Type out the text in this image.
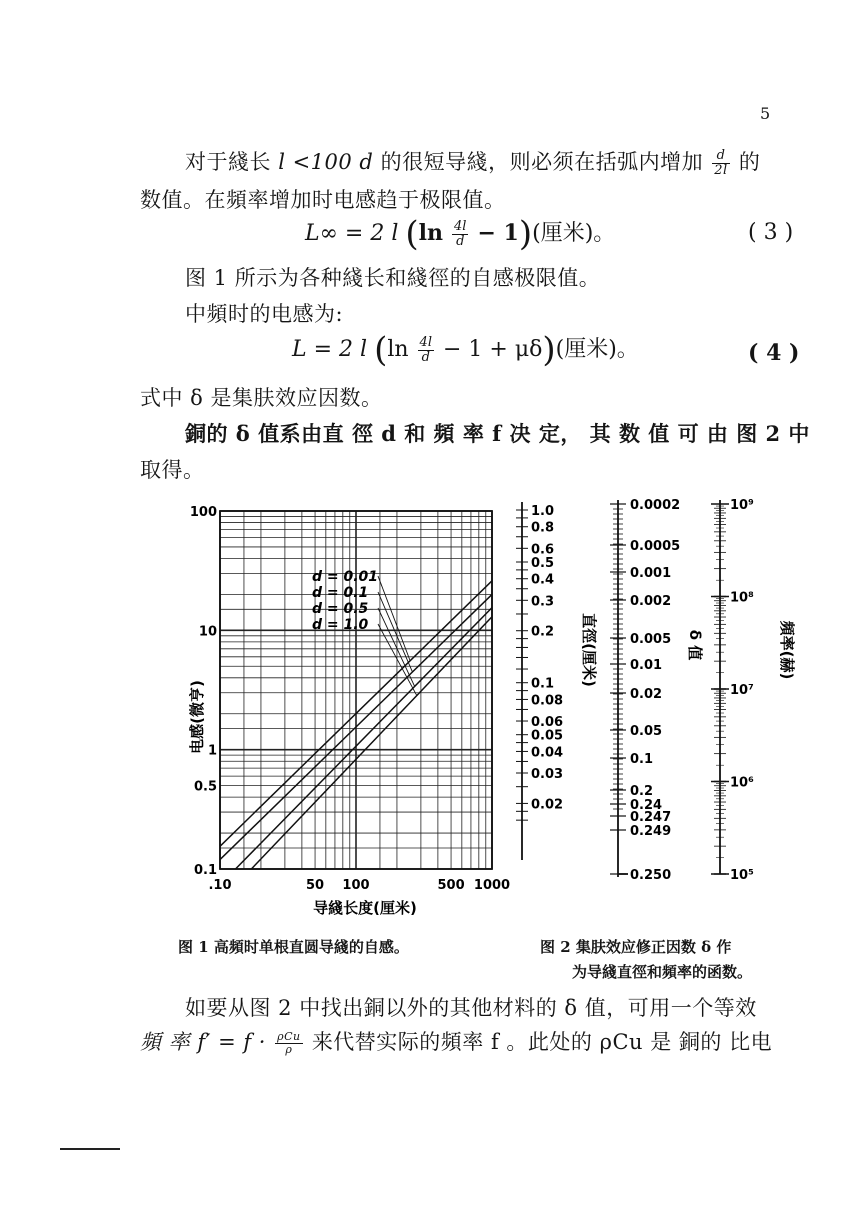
5
对于綫长 l <100 d 的很短导綫，则必须在括弧内增加 $\frac{d}{2l}$ 的
数值。在頻率增加时电感趋于极限值。
L∞ = 2 l $(\ln \frac{4l}{d} - 1)$(厘米)。	( 3 )
图 1 所示为各种綫长和綫徑的自感极限值。
中頻时的电感为:
L = 2 l $(\ln \frac{4l}{d} - 1 + \mu\delta)$(厘米)。	( 4 )
式中 δ 是集肤效应因数。
銅的 δ 值系由直 徑 d 和 頻 率 f 决 定， 其 数 值 可 由 图 2 中
取得。
.10	50 100	500 1000
100
10
1
0.5
0.1
d = 0.01
d = 0.1
d = 0.5
d = 1.0
导綫长度(厘米)
电感(微亨)
1.0
0.8
0.6
0.5
0.4
0.3
0.2
0.1
0.08
0.06
0.05
0.04
0.03
0.02
0.0002
0.0005
0.001
0.002
0.005
0.01
0.02
0.05
0.1
0.2
0.24
0.247
0.249
0.250
10⁹
10⁸
10⁷
10⁶
10⁵
直徑(厘米)	δ 值	頻率(赫)
图 1 高頻时单根直圆导綫的自感。	图 2 集肤效应修正因数 δ 作
为导綫直徑和頻率的函数。
如要从图 2 中找出銅以外的其他材料的 δ 值，可用一个等效
頻 率 $f' = f \cdot \frac{\text{ρCu}}{\rho}$ 来代替实际的頻率 f 。此处的 ρCu 是 銅的 比电
